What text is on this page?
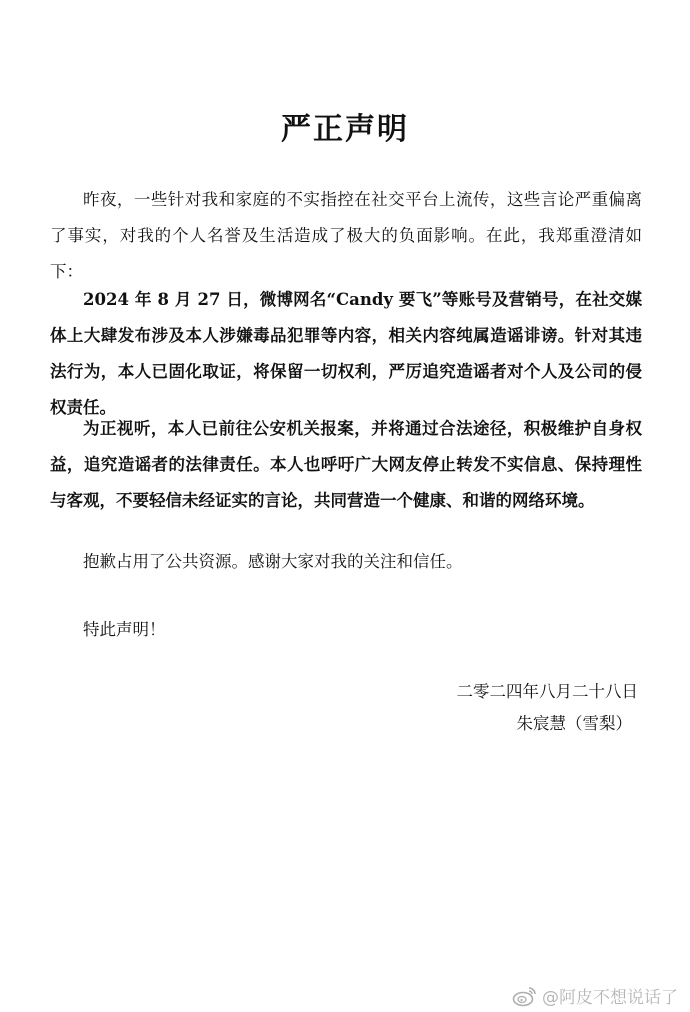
严正声明
昨夜，一些针对我和家庭的不实指控在社交平台上流传，这些言论严重偏离了事实，对我的个人名誉及生活造成了极大的负面影响。在此，我郑重澄清如下：
2024 年 8 月 27 日，微博网名“Candy 要飞”等账号及营销号，在社交媒体上大肆发布涉及本人涉嫌毒品犯罪等内容，相关内容纯属造谣诽谤。针对其违法行为，本人已固化取证，将保留一切权利，严厉追究造谣者对个人及公司的侵权责任。
为正视听，本人已前往公安机关报案，并将通过合法途径，积极维护自身权益，追究造谣者的法律责任。本人也呼吁广大网友停止转发不实信息、保持理性与客观，不要轻信未经证实的言论，共同营造一个健康、和谐的网络环境。
抱歉占用了公共资源。感谢大家对我的关注和信任。
特此声明！
二零二四年八月二十八日
朱宸慧（雪梨）
@阿皮不想说话了
